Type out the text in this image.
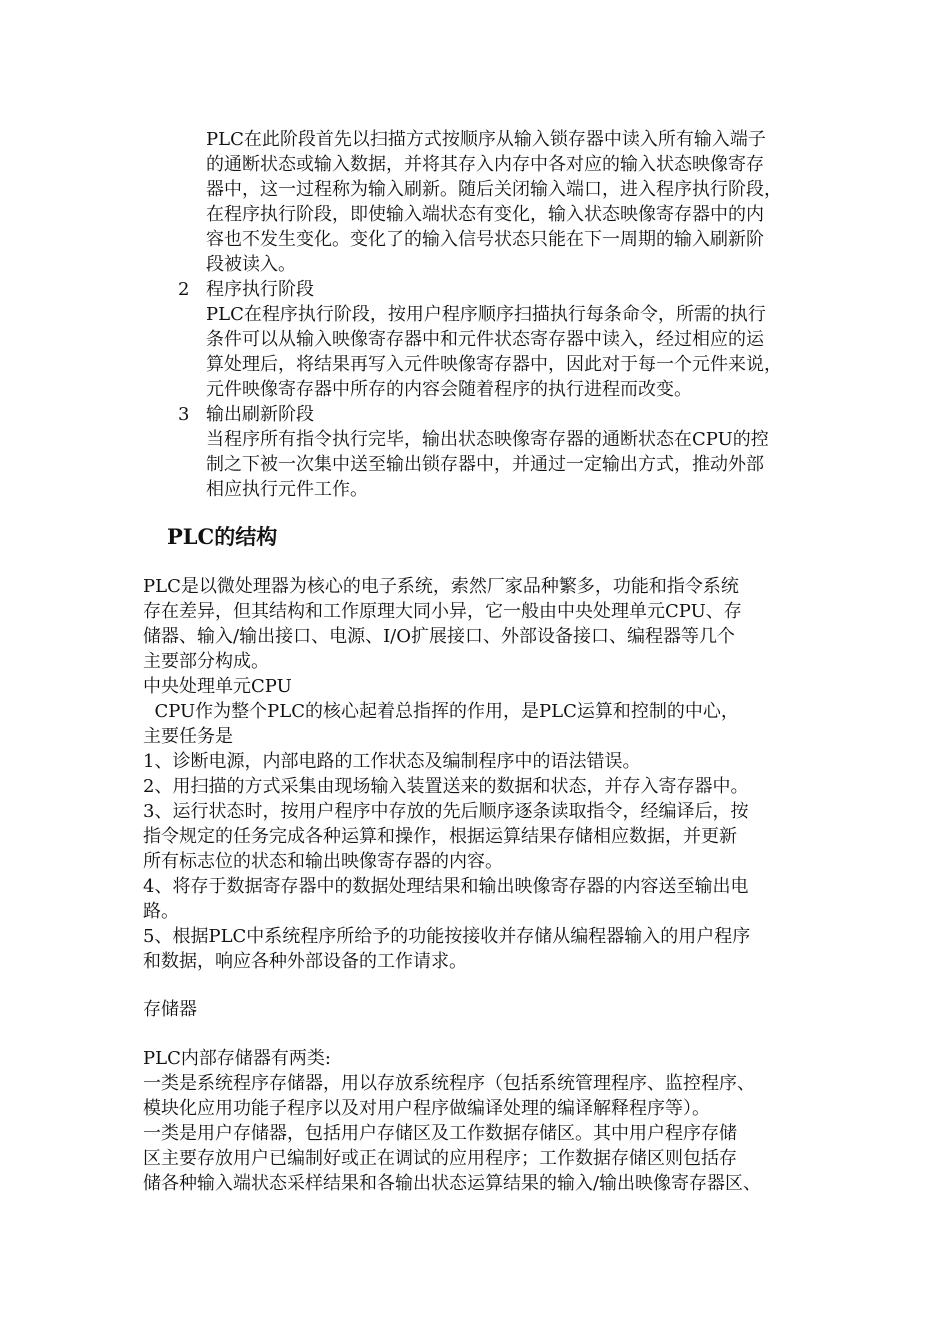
PLC在此阶段首先以扫描方式按顺序从输入锁存器中读入所有输入端子
的通断状态或输入数据，并将其存入内存中各对应的输入状态映像寄存
器中，这一过程称为输入刷新。随后关闭输入端口，进入程序执行阶段，
在程序执行阶段，即使输入端状态有变化，输入状态映像寄存器中的内
容也不发生变化。变化了的输入信号状态只能在下一周期的输入刷新阶
段被读入。
2 程序执行阶段
PLC在程序执行阶段，按用户程序顺序扫描执行每条命令，所需的执行
条件可以从输入映像寄存器中和元件状态寄存器中读入，经过相应的运
算处理后，将结果再写入元件映像寄存器中，因此对于每一个元件来说，
元件映像寄存器中所存的内容会随着程序的执行进程而改变。
3 输出刷新阶段
当程序所有指令执行完毕，输出状态映像寄存器的通断状态在CPU的控
制之下被一次集中送至输出锁存器中，并通过一定输出方式，推动外部
相应执行元件工作。
PLC的结构
PLC是以微处理器为核心的电子系统，索然厂家品种繁多，功能和指令系统
存在差异，但其结构和工作原理大同小异，它一般由中央处理单元CPU、存
储器、输入/输出接口、电源、I/O扩展接口、外部设备接口、编程器等几个
主要部分构成。
中央处理单元CPU
CPU作为整个PLC的核心起着总指挥的作用，是PLC运算和控制的中心，
主要任务是
1、诊断电源，内部电路的工作状态及编制程序中的语法错误。
2、用扫描的方式采集由现场输入装置送来的数据和状态，并存入寄存器中。
3、运行状态时，按用户程序中存放的先后顺序逐条读取指令，经编译后，按
指令规定的任务完成各种运算和操作，根据运算结果存储相应数据，并更新
所有标志位的状态和输出映像寄存器的内容。
4、将存于数据寄存器中的数据处理结果和输出映像寄存器的内容送至输出电
路。
5、根据PLC中系统程序所给予的功能按接收并存储从编程器输入的用户程序
和数据，响应各种外部设备的工作请求。
存储器
PLC内部存储器有两类:
一类是系统程序存储器，用以存放系统程序（包括系统管理程序、监控程序、
模块化应用功能子程序以及对用户程序做编译处理的编译解释程序等）。
一类是用户存储器，包括用户存储区及工作数据存储区。其中用户程序存储
区主要存放用户已编制好或正在调试的应用程序；工作数据存储区则包括存
储各种输入端状态采样结果和各输出状态运算结果的输入/输出映像寄存器区、
